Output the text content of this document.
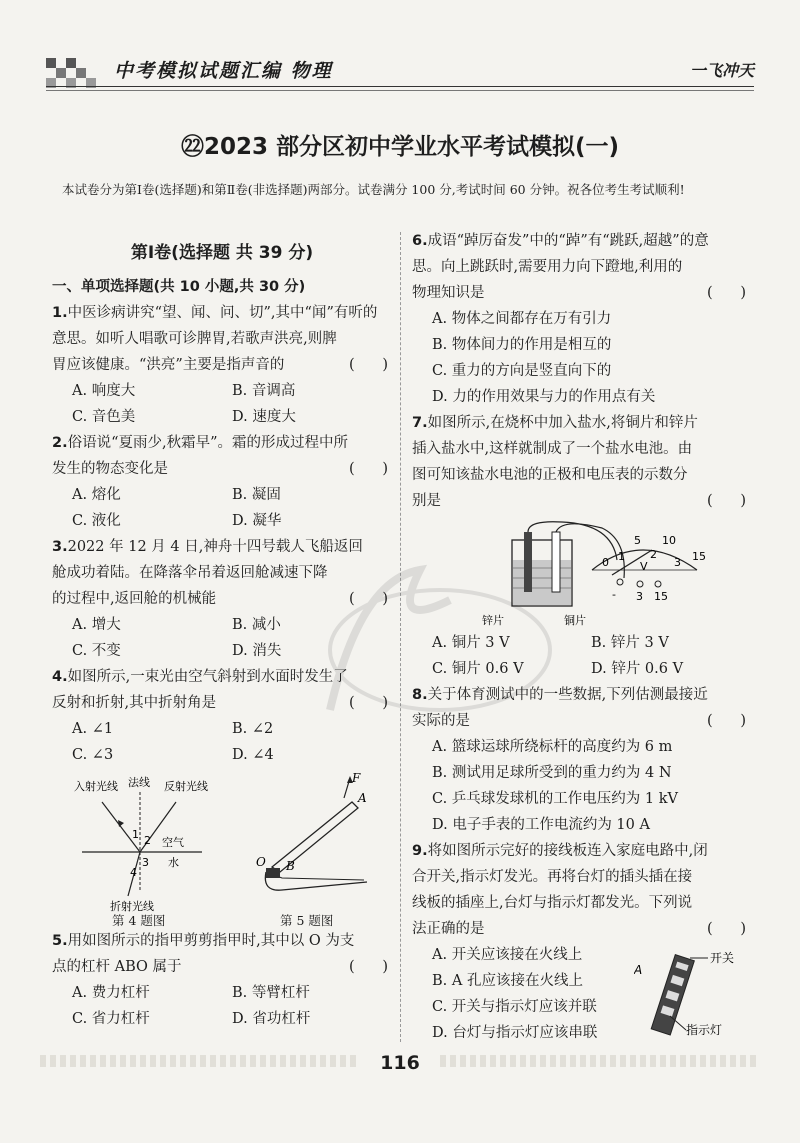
中考模拟试题汇编 物理	一飞冲天
㉒2023 部分区初中学业水平考试模拟(一)
本试卷分为第Ⅰ卷(选择题)和第Ⅱ卷(非选择题)两部分。试卷满分 100 分,考试时间 60 分钟。祝各位考生考试顺利!
第Ⅰ卷(选择题 共 39 分)
一、单项选择题(共 10 小题,共 30 分)
1.中医诊病讲究“望、闻、问、切”,其中“闻”有听的
意思。如听人唱歌可诊脾胃,若歌声洪亮,则脾
胃应该健康。“洪亮”主要是指声音的	(      )
A. 响度大	B. 音调高
C. 音色美	D. 速度大
2.俗语说“夏雨少,秋霜早”。霜的形成过程中所
发生的物态变化是	(      )
A. 熔化	B. 凝固
C. 液化	D. 凝华
3.2022 年 12 月 4 日,神舟十四号载人飞船返回
舱成功着陆。在降落伞吊着返回舱减速下降
的过程中,返回舱的机械能	(      )
A. 增大	B. 减小
C. 不变	D. 消失
4.如图所示,一束光由空气斜射到水面时发生了
反射和折射,其中折射角是	(      )
A. ∠1	B. ∠2
C. ∠3	D. ∠4
入射光线 法线 反射光线
1 2
3
4
空气
水
折射光线
F
A
O B
第 4 题图	第 5 题图
5.用如图所示的指甲剪剪指甲时,其中以 O 为支
点的杠杆 ABO 属于	(      )
A. 费力杠杆	B. 等臂杠杆
C. 省力杠杆	D. 省功杠杆
6.成语“踔厉奋发”中的“踔”有“跳跃,超越”的意
思。向上跳跃时,需要用力向下蹬地,利用的
物理知识是	(      )
A. 物体之间都存在万有引力
B. 物体间力的作用是相互的
C. 重力的方向是竖直向下的
D. 力的作用效果与力的作用点有关
7.如图所示,在烧杯中加入盐水,将铜片和锌片
插入盐水中,这样就制成了一个盐水电池。由
图可知该盐水电池的正极和电压表的示数分
别是	(      )
0
5 10
15
1 2
3
V
- 3 15
锌片	铜片
A. 铜片 3 V	B. 锌片 3 V
C. 铜片 0.6 V	D. 锌片 0.6 V
8.关于体育测试中的一些数据,下列估测最接近
实际的是	(      )
A. 篮球运球所绕标杆的高度约为 6 m
B. 测试用足球所受到的重力约为 4 N
C. 乒乓球发球机的工作电压约为 1 kV
D. 电子手表的工作电流约为 10 A
9.将如图所示完好的接线板连入家庭电路中,闭
合开关,指示灯发光。再将台灯的插头插在接
线板的插座上,台灯与指示灯都发光。下列说
法正确的是	(      )
A. 开关应该接在火线上
B. A 孔应该接在火线上
C. 开关与指示灯应该并联
D. 台灯与指示灯应该串联
A
开关
指示灯
116
